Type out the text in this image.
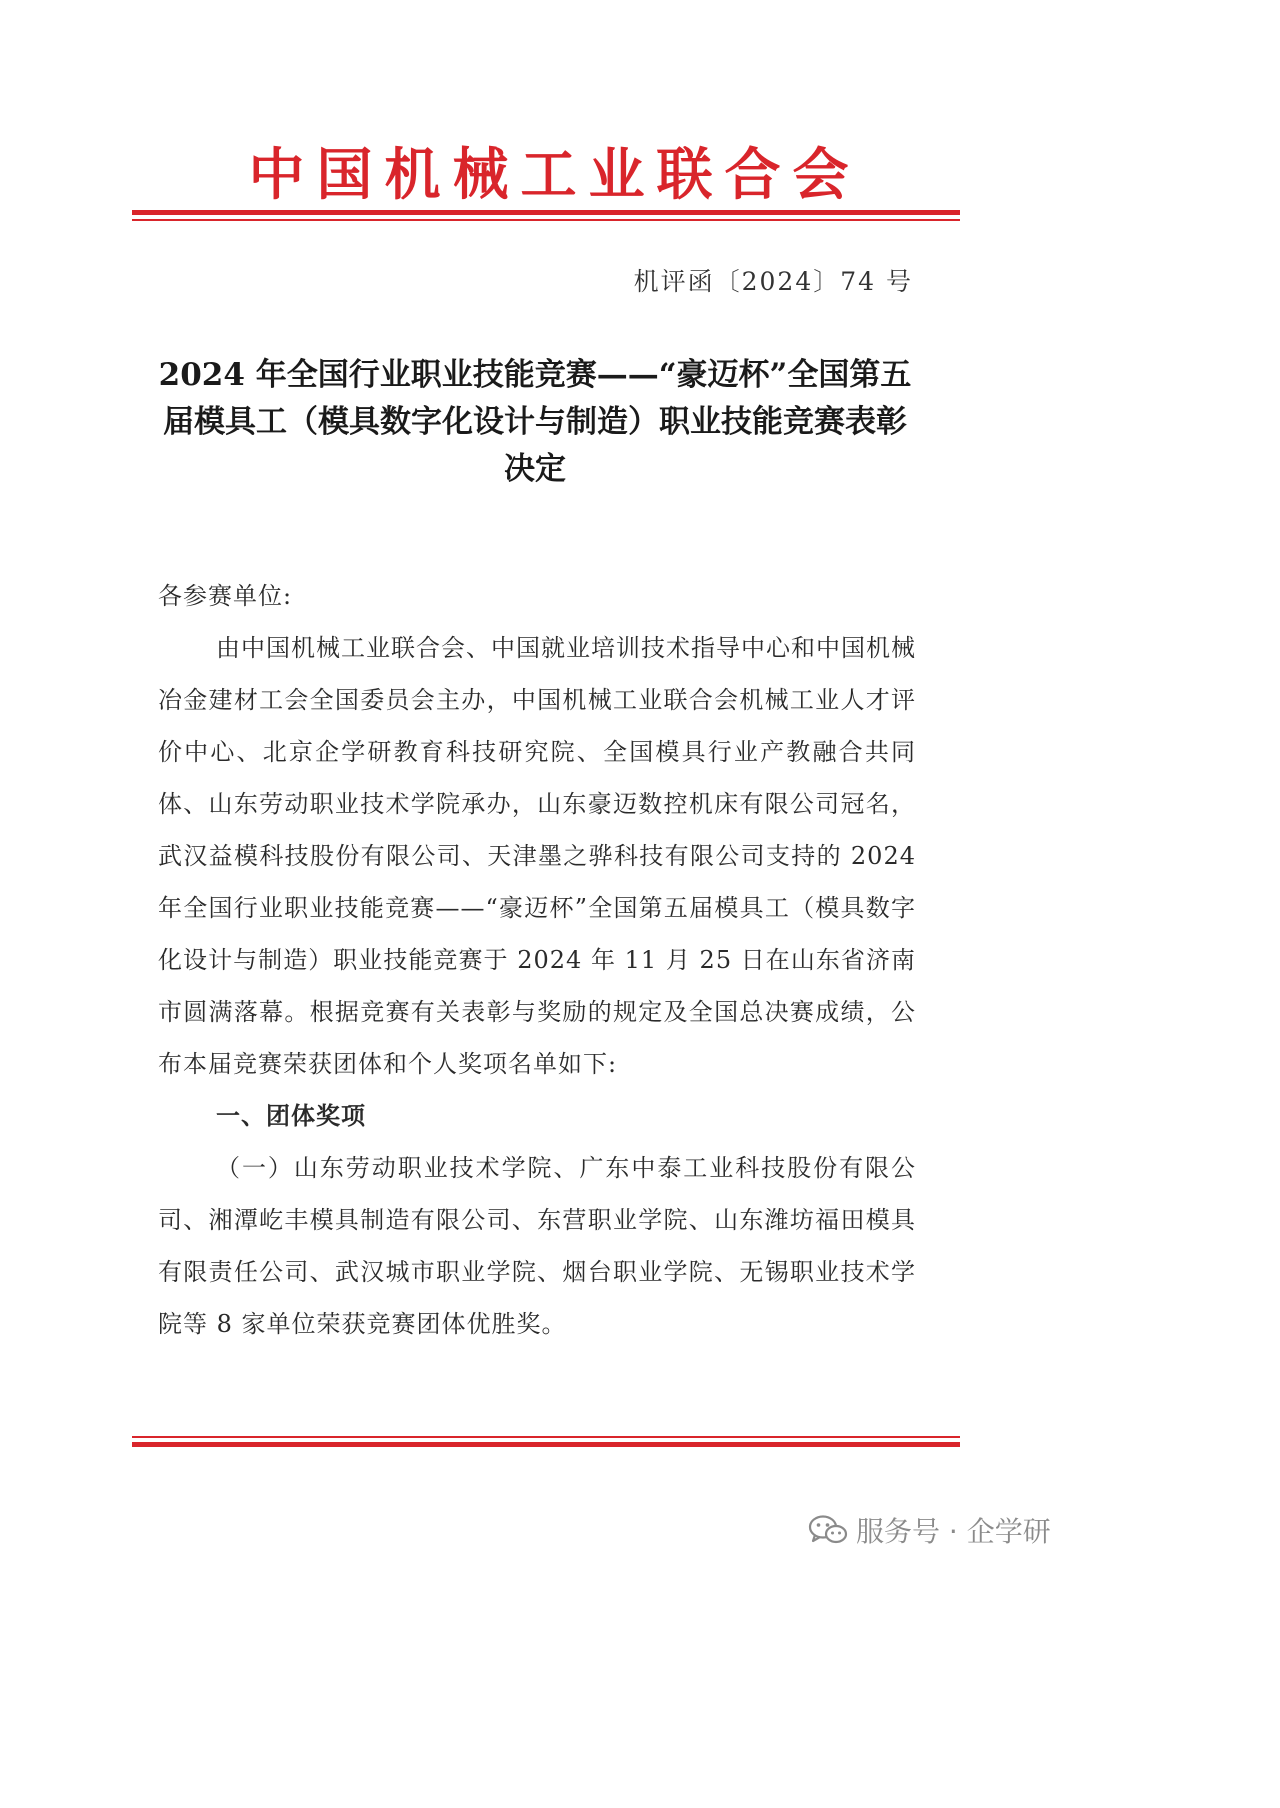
中国机械工业联合会
机评函〔2024〕74 号
2024 年全国行业职业技能竞赛——“豪迈杯”全国第五届模具工（模具数字化设计与制造）职业技能竞赛表彰决定

各参赛单位:

由中国机械工业联合会、中国就业培训技术指导中心和中国机械冶金建材工会全国委员会主办，中国机械工业联合会机械工业人才评价中心、北京企学研教育科技研究院、全国模具行业产教融合共同体、山东劳动职业技术学院承办，山东豪迈数控机床有限公司冠名，武汉益模科技股份有限公司、天津墨之骅科技有限公司支持的 2024 年全国行业职业技能竞赛——“豪迈杯”全国第五届模具工（模具数字化设计与制造）职业技能竞赛于 2024 年 11 月 25 日在山东省济南市圆满落幕。根据竞赛有关表彰与奖励的规定及全国总决赛成绩，公布本届竞赛荣获团体和个人奖项名单如下:

一、团体奖项

（一）山东劳动职业技术学院、广东中泰工业科技股份有限公司、湘潭屹丰模具制造有限公司、东营职业学院、山东潍坊福田模具有限责任公司、武汉城市职业学院、烟台职业学院、无锡职业技术学院等 8 家单位荣获竞赛团体优胜奖。

服务号 · 企学研
